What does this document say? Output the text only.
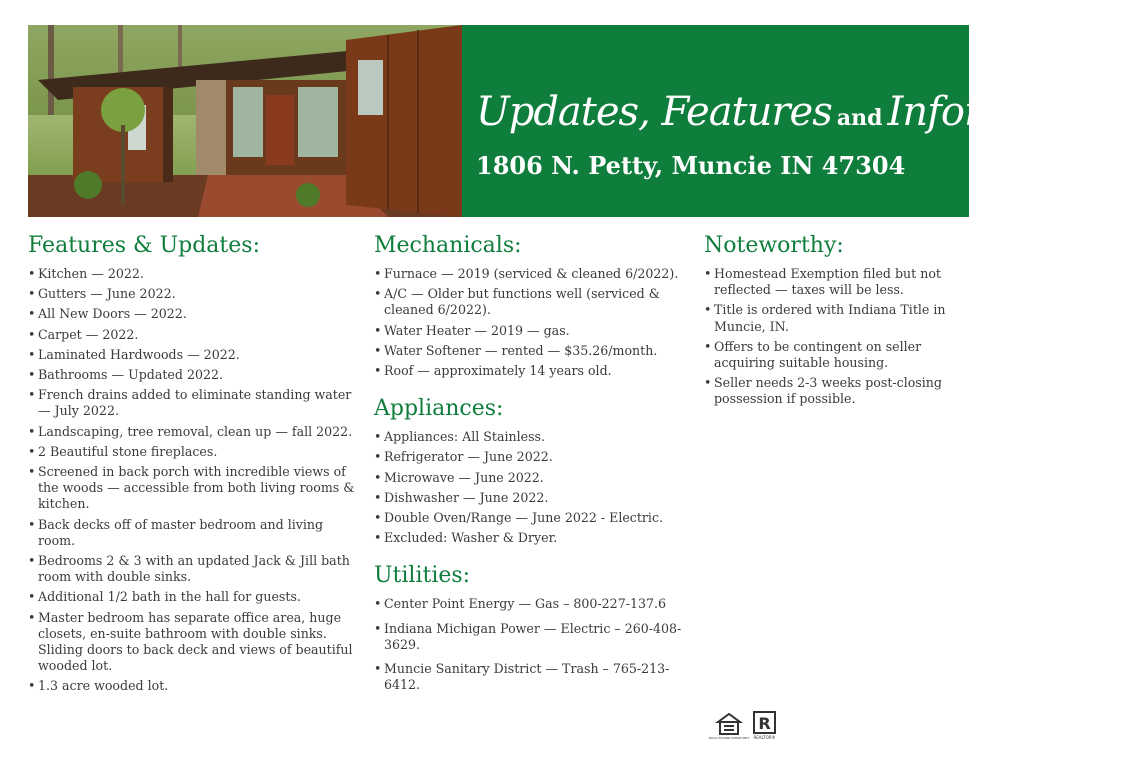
Updates, Features and Information at
1806 N. Petty, Muncie IN 47304
Features & Updates:
• Kitchen — 2022.
• Gutters — June 2022.
• All New Doors — 2022.
• Carpet — 2022.
• Laminated Hardwoods — 2022.
• Bathrooms — Updated 2022.
• French drains added to eliminate standing water — July 2022.
• Landscaping, tree removal, clean up — fall 2022.
• 2 Beautiful stone fireplaces.
• Screened in back porch with incredible views of the woods — accessible from both living rooms & kitchen.
• Back decks off of master bedroom and living room.
• Bedrooms 2 & 3 with an updated Jack & Jill bath room with double sinks.
• Additional 1/2 bath in the hall for guests.
• Master bedroom has separate office area, huge closets, en-suite bathroom with double sinks. Sliding doors to back deck and views of beautiful wooded lot.
• 1.3 acre wooded lot.
Mechanicals:
• Furnace — 2019 (serviced & cleaned 6/2022).
• A/C — Older but functions well (serviced & cleaned 6/2022).
• Water Heater — 2019 — gas.
• Water Softener — rented — $35.26/month.
• Roof — approximately 14 years old.
Appliances:
• Appliances: All Stainless.
• Refrigerator — June 2022.
• Microwave — June 2022.
• Dishwasher — June 2022.
• Double Oven/Range — June 2022 - Electric.
• Excluded: Washer & Dryer.
Utilities:
• Center Point Energy — Gas – 800-227-137.6
• Indiana Michigan Power — Electric – 260-408-3629.
• Muncie Sanitary District — Trash – 765-213-6412.
Noteworthy:
• Homestead Exemption filed but not reflected — taxes will be less.
• Title is ordered with Indiana Title in Muncie, IN.
• Offers to be contingent on seller acquiring suitable housing.
• Seller needs 2-3 weeks post-closing possession if possible.
EQUAL HOUSING OPPORTUNITY
R
REALTOR®
